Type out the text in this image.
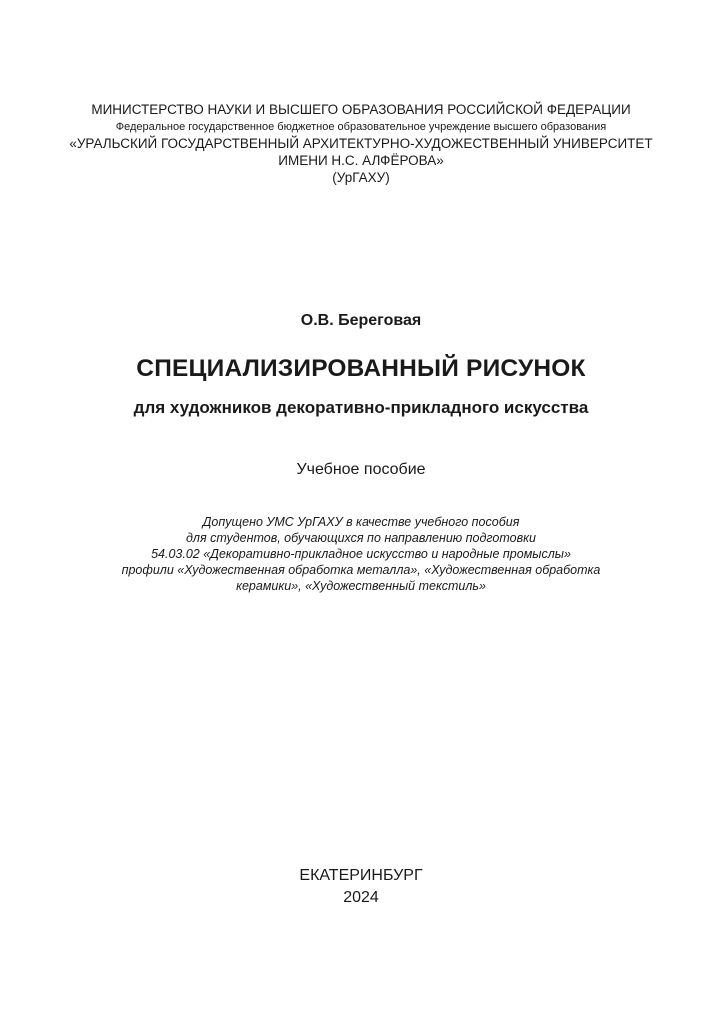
МИНИСТЕРСТВО НАУКИ И ВЫСШЕГО ОБРАЗОВАНИЯ РОССИЙСКОЙ ФЕДЕРАЦИИ
Федеральное государственное бюджетное образовательное учреждение высшего образования
«УРАЛЬСКИЙ ГОСУДАРСТВЕННЫЙ АРХИТЕКТУРНО-ХУДОЖЕСТВЕННЫЙ УНИВЕРСИТЕТ
ИМЕНИ Н.С. АЛФЁРОВА»
(УрГАХУ)
О.В. Береговая
СПЕЦИАЛИЗИРОВАННЫЙ РИСУНОК
для художников декоративно-прикладного искусства
Учебное пособие
Допущено УМС УрГАХУ в качестве учебного пособия
для студентов, обучающихся по направлению подготовки
54.03.02 «Декоративно-прикладное искусство и народные промыслы»
профили «Художественная обработка металла», «Художественная обработка
керамики», «Художественный текстиль»
ЕКАТЕРИНБУРГ
2024
